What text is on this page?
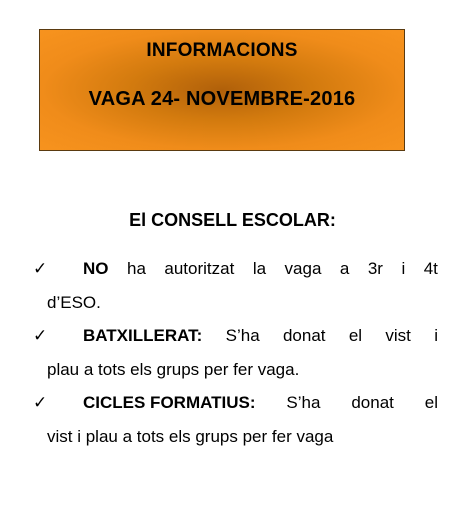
INFORMACIONS
VAGA 24- NOVEMBRE-2016
El CONSELL ESCOLAR:
✓ NO ha autoritzat la vaga a 3r i 4t
d’ESO.
✓ BATXILLERAT: S’ha donat el vist i
plau a tots els grups per fer vaga.
✓ CICLES FORMATIUS: S’ha donat el
vist i plau a tots els grups per fer vaga
